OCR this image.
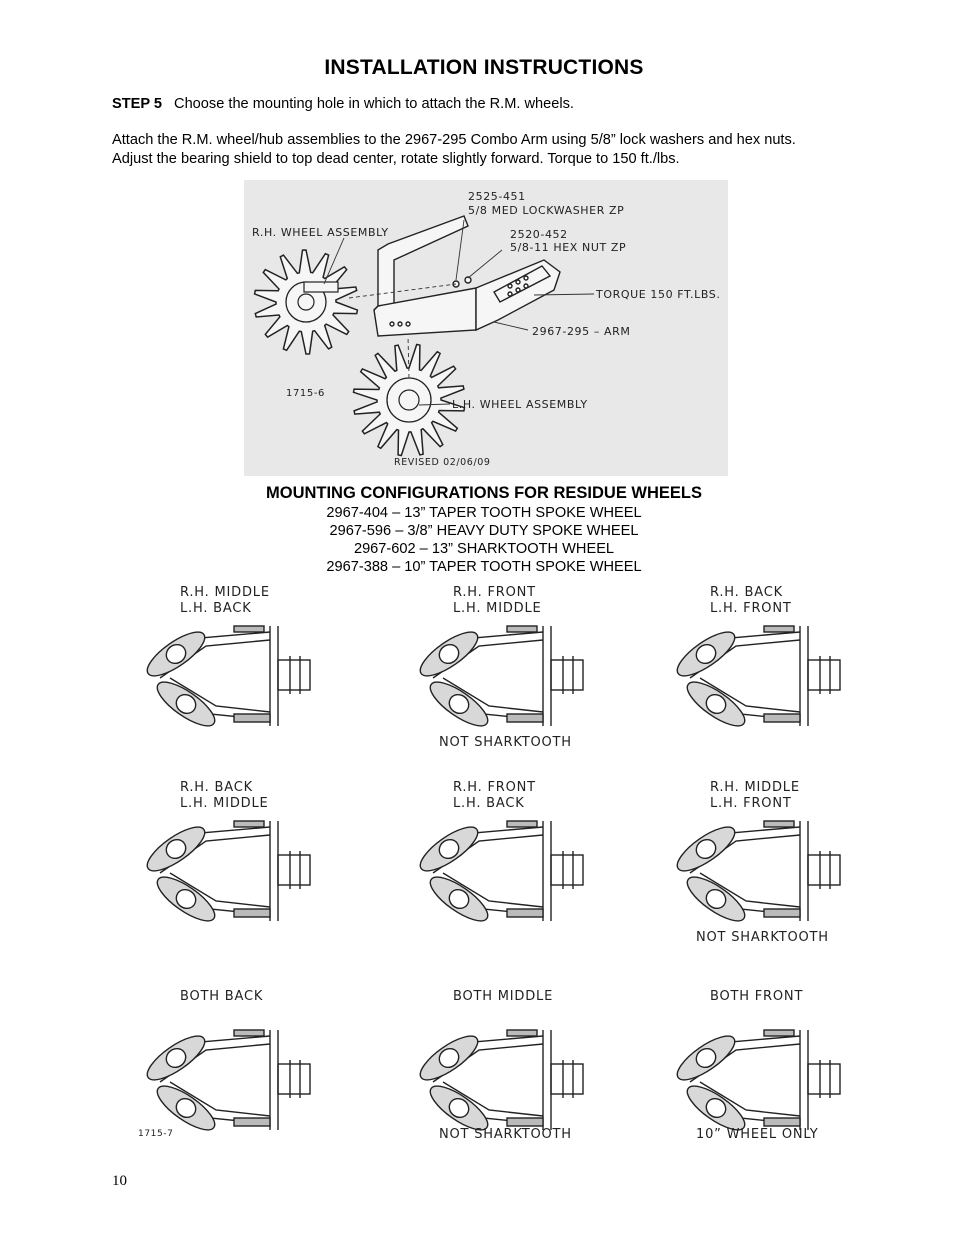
INSTALLATION INSTRUCTIONS
STEP 5 Choose the mounting hole in which to attach the R.M. wheels.
Attach the R.M. wheel/hub assemblies to the 2967-295 Combo Arm using 5/8” lock washers and hex nuts.
Adjust the bearing shield to top dead center, rotate slightly forward. Torque to 150 ft./lbs.
2525-451
5/8 MED LOCKWASHER ZP
R.H. WHEEL ASSEMBLY	2520-452
5/8-11 HEX NUT ZP
TORQUE 150 FT.LBS.
2967-295 – ARM
L.H. WHEEL ASSEMBLY
1715-6
REVISED 02/06/09
MOUNTING CONFIGURATIONS FOR RESIDUE WHEELS
2967-404 – 13” TAPER TOOTH SPOKE WHEEL
2967-596 – 3/8” HEAVY DUTY SPOKE WHEEL
2967-602 – 13” SHARKTOOTH WHEEL
2967-388 – 10” TAPER TOOTH SPOKE WHEEL
R.H. MIDDLE
L.H. BACK
R.H. FRONT
L.H. MIDDLE
NOT SHARKTOOTH
R.H. BACK
L.H. FRONT
R.H. BACK
L.H. MIDDLE
R.H. FRONT
L.H. BACK
R.H. MIDDLE
L.H. FRONT
NOT SHARKTOOTH
BOTH BACK	BOTH MIDDLE
NOT SHARKTOOTH
BOTH FRONT
10” WHEEL ONLY
1715-7
10
